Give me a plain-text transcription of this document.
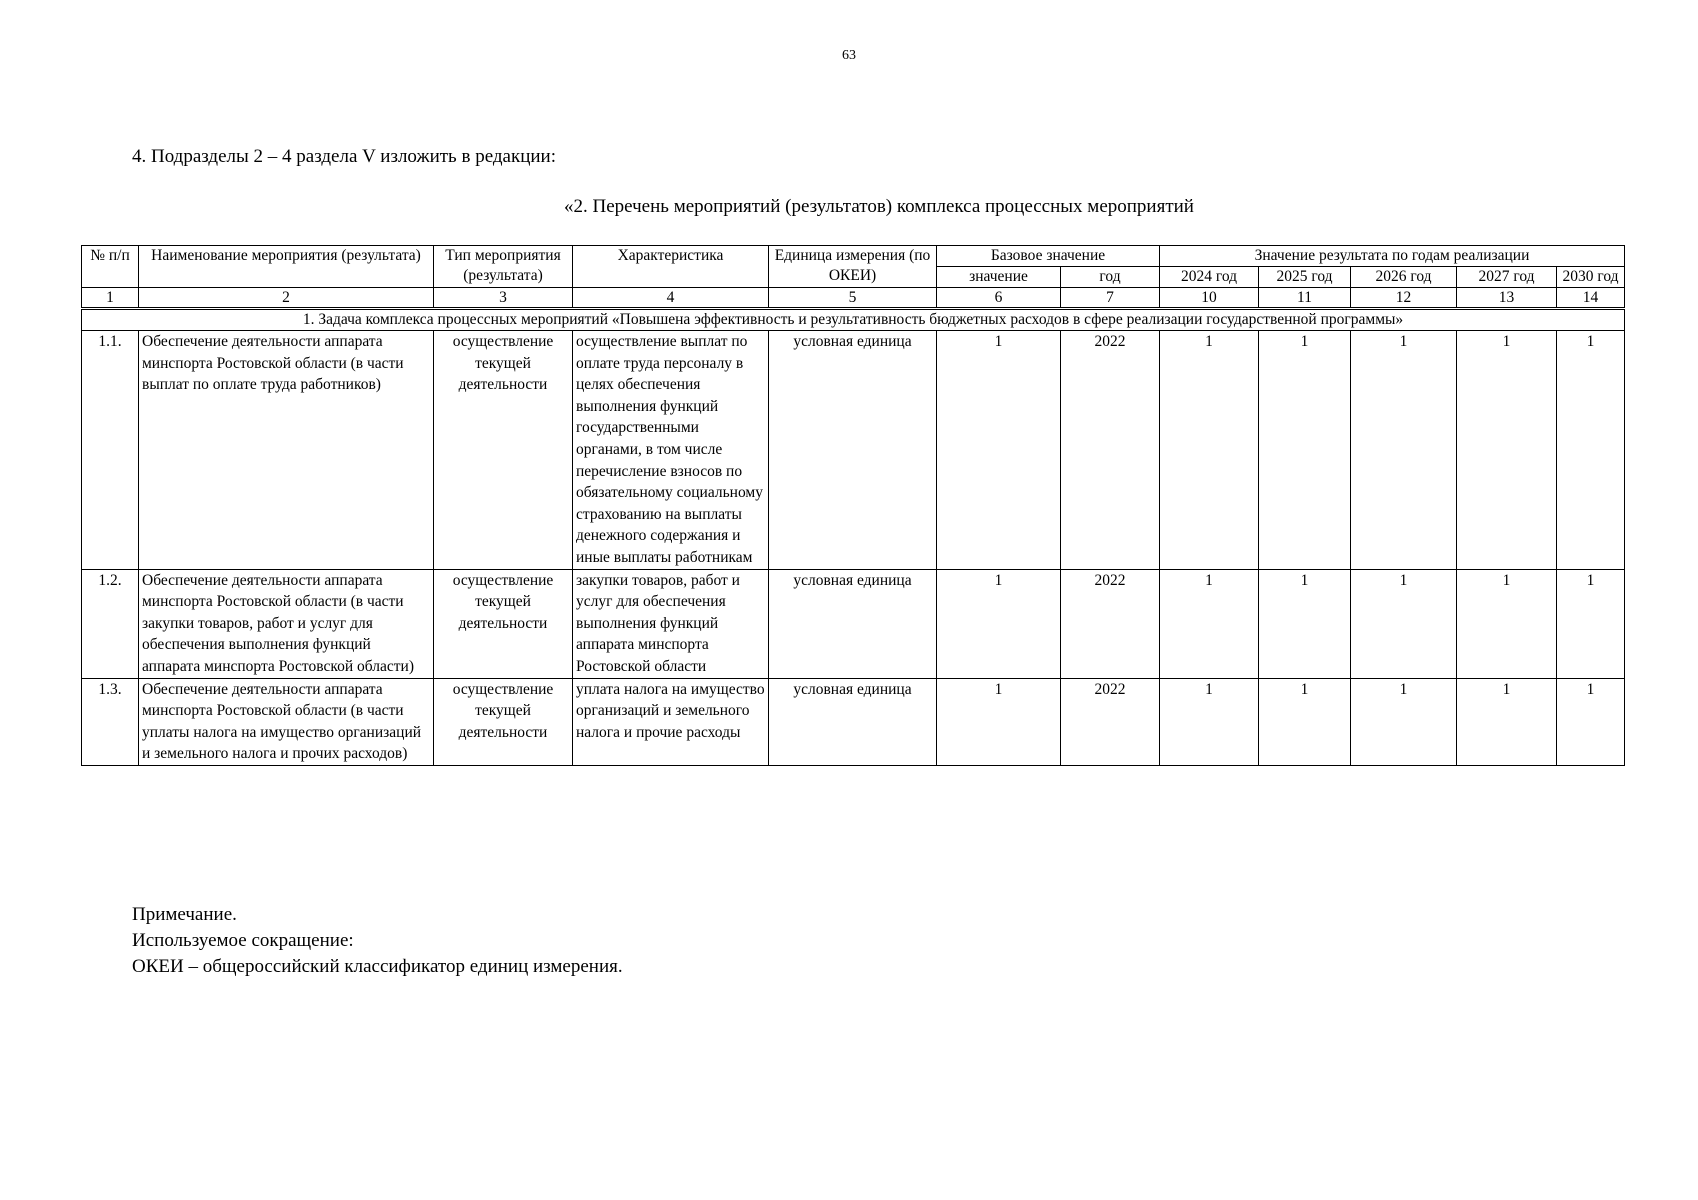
63
4. Подразделы 2 – 4 раздела V изложить в редакции:
«2. Перечень мероприятий (результатов) комплекса процессных мероприятий
№ п/п	Наименование мероприятия (результата)	Тип мероприятия (результата)	Характеристика	Единица измерения (по ОКЕИ)	Базовое значение		Значение результата по годам реализации				
					значение	год	2024 год	2025 год	2026 год	2027 год	2030 год
1	2	3	4	5	6	7	10	11	12	13	14
1. Задача комплекса процессных мероприятий «Повышена эффективность и результативность бюджетных расходов в сфере реализации государственной программы»											
1.1.	Обеспечение деятельности аппарата минспорта Ростовской области (в части выплат по оплате труда работников)	осуществление текущей деятельности	осуществление выплат по оплате труда персоналу в целях обеспечения выполнения функций государственными органами, в том числе перечисление взносов по обязательному социальному страхованию на выплаты денежного содержания и иные выплаты работникам	условная единица	1	2022	1	1	1	1	1
1.2.	Обеспечение деятельности аппарата минспорта Ростовской области (в части закупки товаров, работ и услуг для обеспечения выполнения функций аппарата минспорта Ростовской области)	осуществление текущей деятельности	закупки товаров, работ и услуг для обеспечения выполнения функций аппарата минспорта Ростовской области	условная единица	1	2022	1	1	1	1	1
1.3.	Обеспечение деятельности аппарата минспорта Ростовской области (в части уплаты налога на имущество организаций и земельного налога и прочих расходов)	осуществление текущей деятельности	уплата налога на имущество организаций и земельного налога и прочие расходы	условная единица	1	2022	1	1	1	1	1
Примечание.
Используемое сокращение:
ОКЕИ – общероссийский классификатор единиц измерения.
